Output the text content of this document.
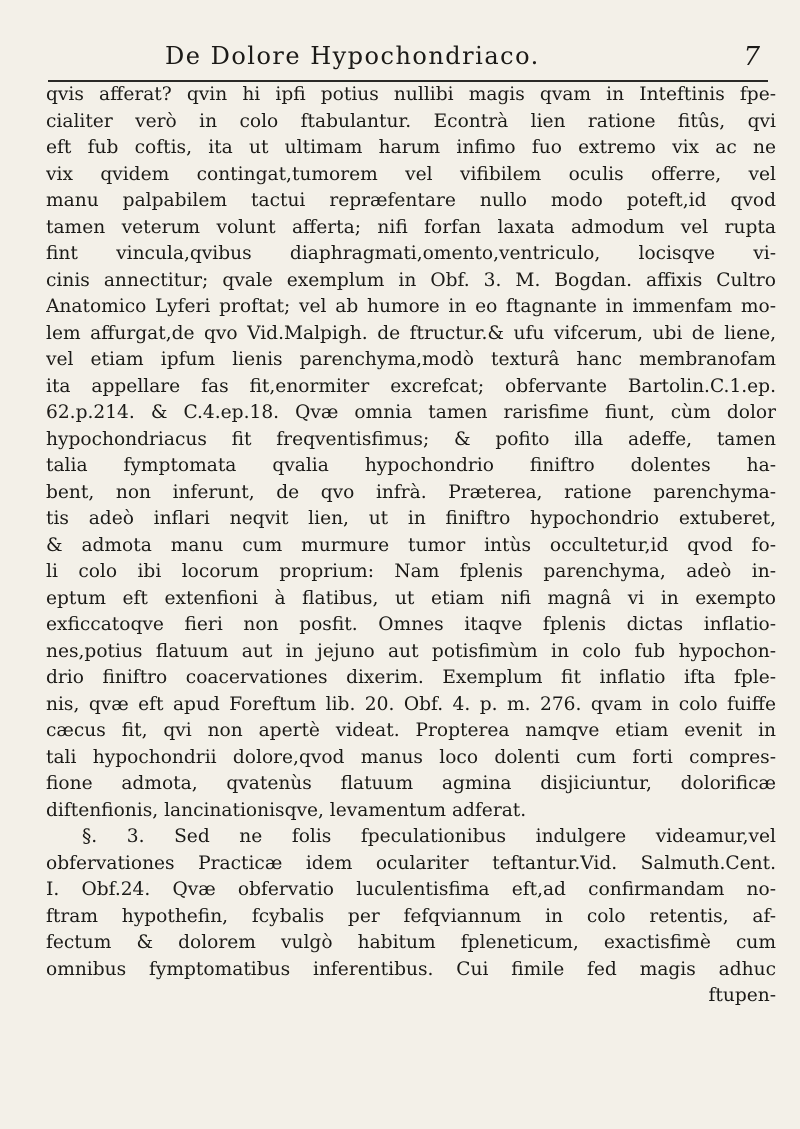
De Dolore Hypochondriaco.	7
qvis afferat? qvin hi ipfi potius nullibi magis qvam in Inteftinis fpe-
cialiter verò in colo ftabulantur. Econtrà lien ratione fitûs, qvi
eft fub coftis, ita ut ultimam harum infimo fuo extremo vix ac ne
vix qvidem contingat,tumorem vel vifibilem oculis offerre, vel
manu palpabilem tactui repræfentare nullo modo poteft,id qvod
tamen veterum volunt afferta; nifi forfan laxata admodum vel rupta
fint vincula,qvibus diaphragmati,omento,ventriculo, locisqve vi-
cinis annectitur; qvale exemplum in Obf. 3. M. Bogdan. affixis Cultro
Anatomico Lyferi proftat; vel ab humore in eo ftagnante in immenfam mo-
lem affurgat,de qvo Vid.Malpigh. de ftructur.& ufu vifcerum, ubi de liene,
vel etiam ipfum lienis parenchyma,modò texturâ hanc membranofam
ita appellare fas fit,enormiter excrefcat; obfervante Bartolin.C.1.ep.
62.p.214. & C.4.ep.18. Qvæ omnia tamen rarisfime fiunt, cùm dolor
hypochondriacus fit freqventisfimus; & pofito illa adeffe, tamen
talia fymptomata qvalia hypochondrio finiftro dolentes ha-
bent, non inferunt, de qvo infrà. Præterea, ratione parenchyma-
tis adeò inflari neqvit lien, ut in finiftro hypochondrio extuberet,
& admota manu cum murmure tumor intùs occultetur,id qvod fo-
li colo ibi locorum proprium: Nam fplenis parenchyma, adeò in-
eptum eft extenfioni à flatibus, ut etiam nifi magnâ vi in exempto
exficcatoqve fieri non posfit. Omnes itaqve fplenis dictas inflatio-
nes,potius flatuum aut in jejuno aut potisfimùm in colo fub hypochon-
drio finiftro coacervationes dixerim. Exemplum fit inflatio ifta fple-
nis, qvæ eft apud Foreftum lib. 20. Obf. 4. p. m. 276. qvam in colo fuiffe
cæcus fit, qvi non apertè videat. Propterea namqve etiam evenit in
tali hypochondrii dolore,qvod manus loco dolenti cum forti compres-
fione admota, qvatenùs flatuum agmina disjiciuntur, dolorificæ
diftenfionis, lancinationisqve, levamentum adferat.
§. 3. Sed ne folis fpeculationibus indulgere videamur,vel
obfervationes Practicæ idem oculariter teftantur.Vid. Salmuth.Cent.
I. Obf.24. Qvæ obfervatio luculentisfima eft,ad confirmandam no-
ftram hypothefin, fcybalis per fefqviannum in colo retentis, af-
fectum & dolorem vulgò habitum fpleneticum, exactisfimè cum
omnibus fymptomatibus inferentibus. Cui fimile fed magis adhuc
ftupen-
